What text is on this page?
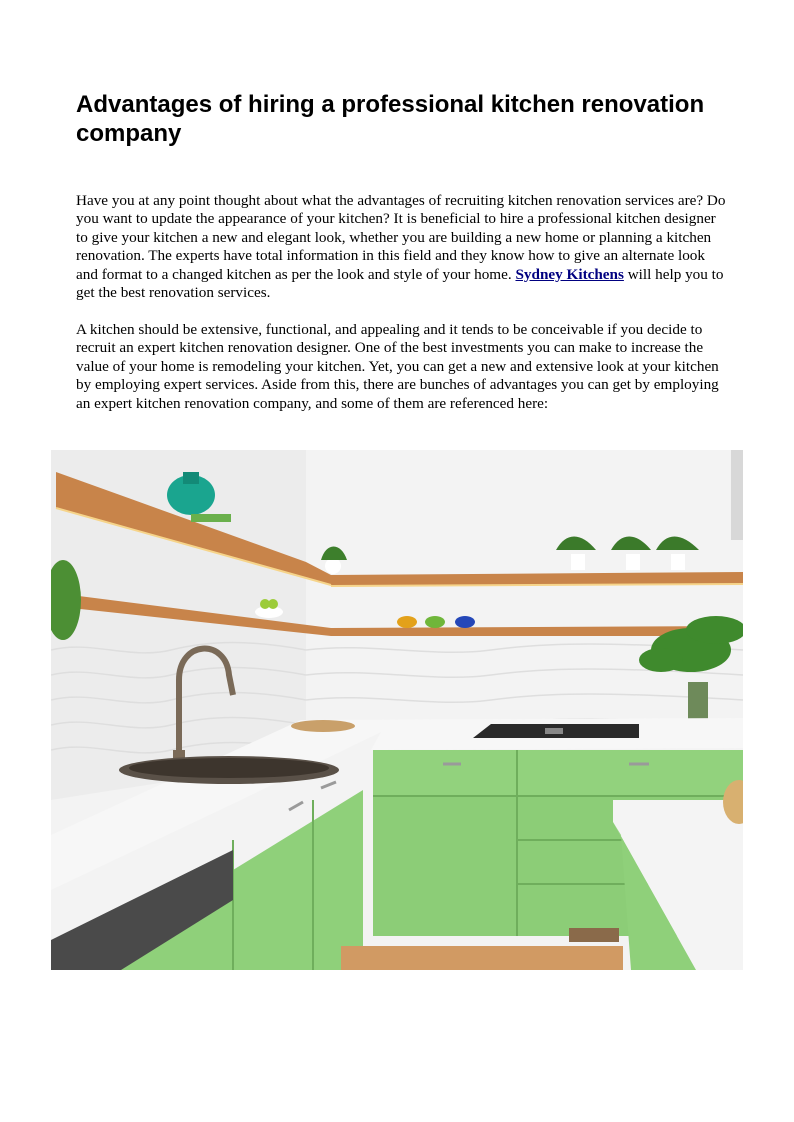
Advantages of hiring a professional kitchen renovation company

Have you at any point thought about what the advantages of recruiting kitchen renovation services are? Do you want to update the appearance of your kitchen? It is beneficial to hire a professional kitchen designer to give your kitchen a new and elegant look, whether you are building a new home or planning a kitchen renovation. The experts have total information in this field and they know how to give an alternate look and format to a changed kitchen as per the look and style of your home. Sydney Kitchens will help you to get the best renovation services.

A kitchen should be extensive, functional, and appealing and it tends to be conceivable if you decide to recruit an expert kitchen renovation designer. One of the best investments you can make to increase the value of your home is remodeling your kitchen. Yet, you can get a new and extensive look at your kitchen by employing expert services. Aside from this, there are bunches of advantages you can get by employing an expert kitchen renovation company, and some of them are referenced here:
